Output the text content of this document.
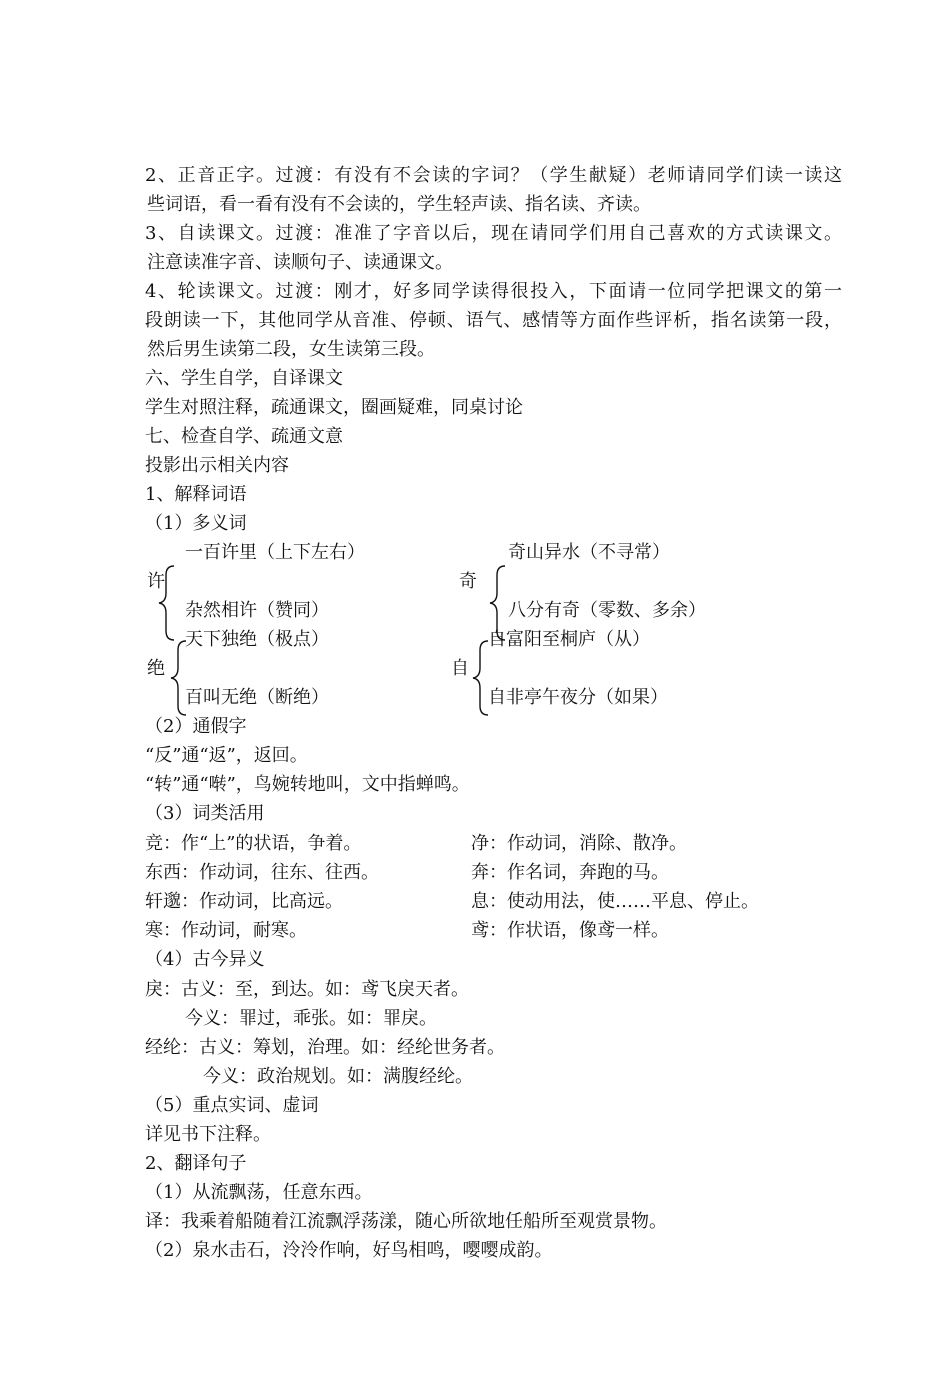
2、正音正字。过渡：有没有不会读的字词？（学生献疑）老师请同学们读一读这
些词语，看一看有没有不会读的，学生轻声读、指名读、齐读。
3、自读课文。过渡：准准了字音以后，现在请同学们用自己喜欢的方式读课文。
注意读准字音、读顺句子、读通课文。
4、轮读课文。过渡：刚才，好多同学读得很投入，下面请一位同学把课文的第一
段朗读一下，其他同学从音准、停顿、语气、感情等方面作些评析，指名读第一段，
然后男生读第二段，女生读第三段。
六、学生自学，自译课文
学生对照注释，疏通课文，圈画疑难，同桌讨论
七、检查自学、疏通文意
投影出示相关内容
1、解释词语
（1）多义词
一百许里（上下左右）
许
杂然相许（赞同）
奇山异水（不寻常）
奇
八分有奇（零数、多余）
天下独绝（极点）
绝
百叫无绝（断绝）
自富阳至桐庐（从）
自
自非亭午夜分（如果）
（2）通假字
“反”通“返”，返回。
“转”通“啭”，鸟婉转地叫，文中指蝉鸣。
（3）词类活用
竞：作“上”的状语，争着。	净：作动词，消除、散净。
东西：作动词，往东、往西。	奔：作名词，奔跑的马。
轩邈：作动词，比高远。	息：使动用法，使……平息、停止。
寒：作动词，耐寒。	鸢：作状语，像鸢一样。
（4）古今异义
戾：古义：至，到达。如：鸢飞戾天者。
今义：罪过，乖张。如：罪戾。
经纶：古义：筹划，治理。如：经纶世务者。
今义：政治规划。如：满腹经纶。
（5）重点实词、虚词
详见书下注释。
2、翻译句子
（1）从流飘荡，任意东西。
译：我乘着船随着江流飘浮荡漾，随心所欲地任船所至观赏景物。
（2）泉水击石，泠泠作响，好鸟相鸣，嘤嘤成韵。
